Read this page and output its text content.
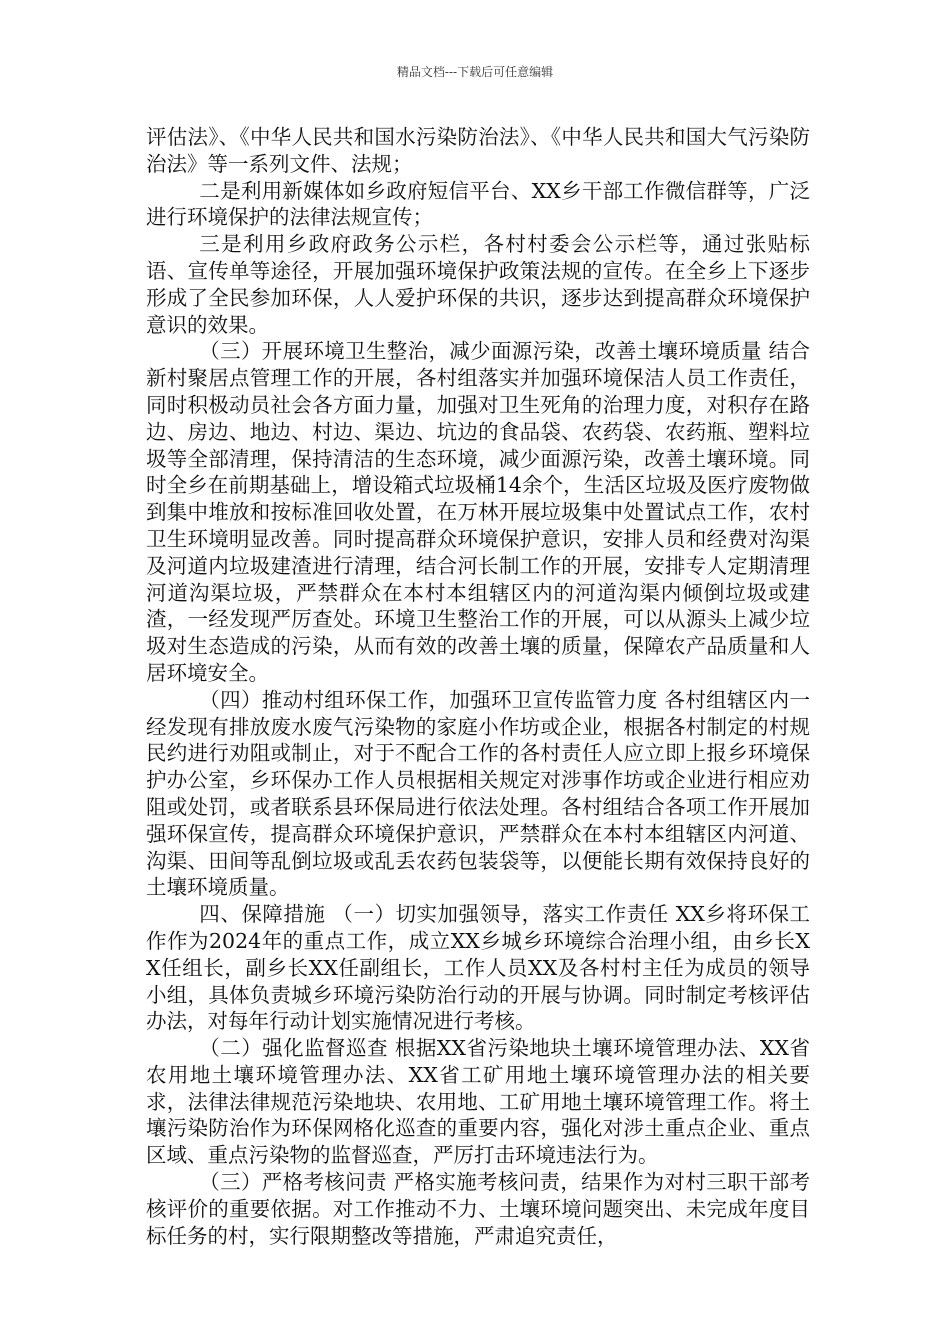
精品文档---下载后可任意编辑

评估法》、《中华人民共和国水污染防治法》、《中华人民共和国大气污染防治法》等一系列文件、法规；

二是利用新媒体如乡政府短信平台、XX乡干部工作微信群等，广泛进行环境保护的法律法规宣传；

三是利用乡政府政务公示栏，各村村委会公示栏等，通过张贴标语、宣传单等途径，开展加强环境保护政策法规的宣传。在全乡上下逐步形成了全民参加环保，人人爱护环保的共识，逐步达到提高群众环境保护意识的效果。

（三）开展环境卫生整治，减少面源污染，改善土壤环境质量 结合新村聚居点管理工作的开展，各村组落实并加强环境保洁人员工作责任，同时积极动员社会各方面力量，加强对卫生死角的治理力度，对积存在路边、房边、地边、村边、渠边、坑边的食品袋、农药袋、农药瓶、塑料垃圾等全部清理，保持清洁的生态环境，减少面源污染，改善土壤环境。同时全乡在前期基础上，增设箱式垃圾桶14余个，生活区垃圾及医疗废物做到集中堆放和按标准回收处置，在万林开展垃圾集中处置试点工作，农村卫生环境明显改善。同时提高群众环境保护意识，安排人员和经费对沟渠及河道内垃圾建渣进行清理，结合河长制工作的开展，安排专人定期清理河道沟渠垃圾，严禁群众在本村本组辖区内的河道沟渠内倾倒垃圾或建渣，一经发现严厉查处。环境卫生整治工作的开展，可以从源头上减少垃圾对生态造成的污染，从而有效的改善土壤的质量，保障农产品质量和人居环境安全。

（四）推动村组环保工作，加强环卫宣传监管力度 各村组辖区内一经发现有排放废水废气污染物的家庭小作坊或企业，根据各村制定的村规民约进行劝阻或制止，对于不配合工作的各村责任人应立即上报乡环境保护办公室，乡环保办工作人员根据相关规定对涉事作坊或企业进行相应劝阻或处罚，或者联系县环保局进行依法处理。各村组结合各项工作开展加强环保宣传，提高群众环境保护意识，严禁群众在本村本组辖区内河道、沟渠、田间等乱倒垃圾或乱丢农药包装袋等，以便能长期有效保持良好的土壤环境质量。

四、保障措施 （一）切实加强领导，落实工作责任 XX乡将环保工作作为2024年的重点工作，成立XX乡城乡环境综合治理小组，由乡长XX任组长，副乡长XX任副组长，工作人员XX及各村村主任为成员的领导小组，具体负责城乡环境污染防治行动的开展与协调。同时制定考核评估办法，对每年行动计划实施情况进行考核。

（二）强化监督巡查 根据XX省污染地块土壤环境管理办法、XX省农用地土壤环境管理办法、XX省工矿用地土壤环境管理办法的相关要求，法律法律规范污染地块、农用地、工矿用地土壤环境管理工作。将土壤污染防治作为环保网格化巡查的重要内容，强化对涉土重点企业、重点区域、重点污染物的监督巡查，严厉打击环境违法行为。

（三）严格考核问责 严格实施考核问责，结果作为对村三职干部考核评价的重要依据。对工作推动不力、土壤环境问题突出、未完成年度目标任务的村，实行限期整改等措施，严肃追究责任，
